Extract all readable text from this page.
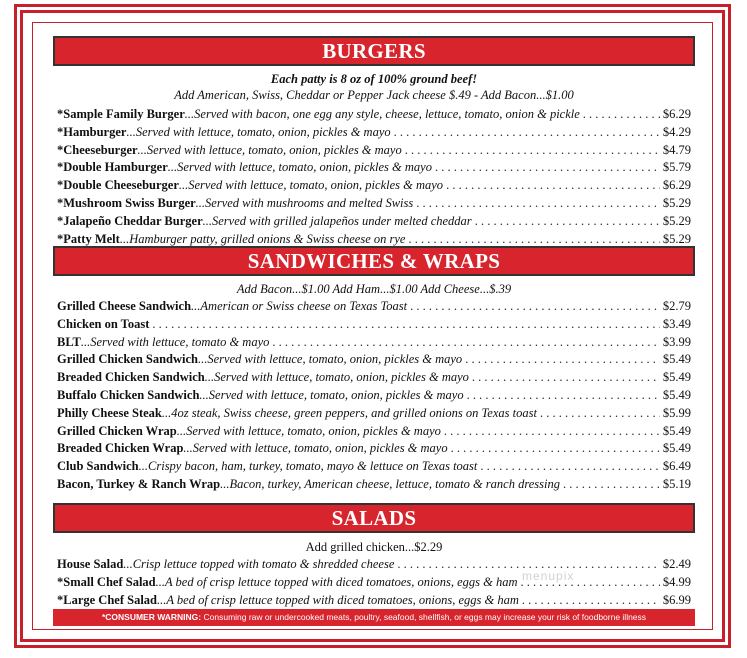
BURGERS
Each patty is 8 oz of 100% ground beef!
Add American, Swiss, Cheddar or Pepper Jack cheese $.49 - Add Bacon...$1.00
*Sample Family Burger ...Served with bacon, one egg any style, cheese, lettuce, tomato, onion & pickle . . .	$6.29
*Hamburger ...Served with lettuce, tomato, onion, pickles & mayo . . .	$4.29
*Cheeseburger ...Served with lettuce, tomato, onion, pickles & mayo . . .	$4.79
*Double Hamburger ...Served with lettuce, tomato, onion, pickles & mayo . . .	$5.79
*Double Cheeseburger ...Served with lettuce, tomato, onion, pickles & mayo . . .	$6.29
*Mushroom Swiss Burger ...Served with mushrooms and melted Swiss . . .	$5.29
*Jalapeño Cheddar Burger ...Served with grilled jalapeños under melted cheddar . . .	$5.29
*Patty Melt ...Hamburger patty, grilled onions & Swiss cheese on rye . . .	$5.29
SANDWICHES & WRAPS
Add Bacon...$1.00 Add Ham...$1.00 Add Cheese...$.39
Grilled Cheese Sandwich ...American or Swiss cheese on Texas Toast . . .	$2.79
Chicken on Toast . . .	$3.49
BLT ...Served with lettuce, tomato & mayo . . .	$3.99
Grilled Chicken Sandwich ...Served with lettuce, tomato, onion, pickles & mayo . . .	$5.49
Breaded Chicken Sandwich ...Served with lettuce, tomato, onion, pickles & mayo . . .	$5.49
Buffalo Chicken Sandwich ...Served with lettuce, tomato, onion, pickles & mayo . . .	$5.49
Philly Cheese Steak ...4oz steak, Swiss cheese, green peppers, and grilled onions on Texas toast . . .	$5.99
Grilled Chicken Wrap ...Served with lettuce, tomato, onion, pickles & mayo . . .	$5.49
Breaded Chicken Wrap ...Served with lettuce, tomato, onion, pickles & mayo . . .	$5.49
Club Sandwich ...Crispy bacon, ham, turkey, tomato, mayo & lettuce on Texas toast . . .	$6.49
Bacon, Turkey & Ranch Wrap ...Bacon, turkey, American cheese, lettuce, tomato & ranch dressing . . .	$5.19
SALADS
Add grilled chicken...$2.29
House Salad ...Crisp lettuce topped with tomato & shredded cheese . . .	$2.49
*Small Chef Salad ...A bed of crisp lettuce topped with diced tomatoes, onions, eggs & ham . . .	$4.99
*Large Chef Salad ...A bed of crisp lettuce topped with diced tomatoes, onions, eggs & ham . . .	$6.99
menupix
*CONSUMER WARNING: Consuming raw or undercooked meats, poultry, seafood, shellfish, or eggs may increase your risk of foodborne illness
